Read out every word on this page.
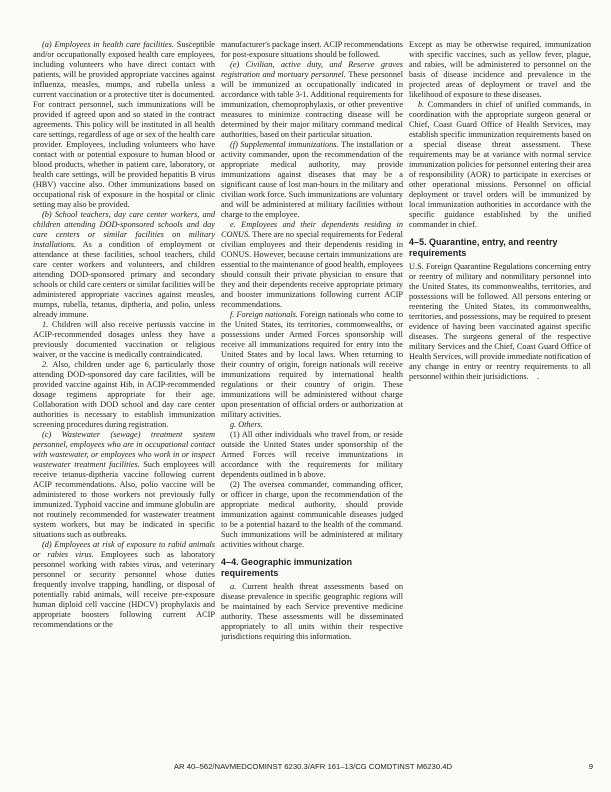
(a) Employees in health care facilities. Susceptible and/or occupationally exposed health care employees, including volunteers who have direct contact with patients, will be provided appropriate vaccines against influenza, measles, mumps, and rubella unless a current vaccination or a protective titer is documented. For contract personnel, such immunizations will be provided if agreed upon and so stated in the contract agreements. This policy will be instituted in all health care settings, regardless of age or sex of the health care provider. Employees, including volunteers who have contact with or potential exposure to human blood or blood products, whether in patient care, laboratory, or health care settings, will be provided hepatitis B virus (HBV) vaccine also. Other immunizations based on occupational risk of exposure in the hospital or clinic setting may also be provided.

(b) School teachers, day care center workers, and children attending DOD-sponsored schools and day care centers or similar facilities on military installations. As a condition of employment or attendance at these facilities, school teachers, child care center workers and volunteers, and children attending DOD-sponsored primary and secondary schools or child care centers or similar facilities will be administered appropriate vaccines against measles, mumps, rubella, tetanus, diptheria, and polio, unless already immune.

1. Children will also receive pertussis vaccine in ACIP-recommended dosages unless they have a previously documented vaccination or religious waiver, or the vaccine is medically contraindicated.

2. Also, children under age 6, particularly those attending DOD-sponsored day care facilities, will be provided vaccine against Hib, in ACIP-recommended dosage regimens appropriate for their age. Collaboration with DOD school and day care center authorities is necessary to establish immunization screening procedures during registration.

(c) Wastewater (sewage) treatment system personnel, employees who are in occupational contact with wastewater, or employees who work in or inspect wastewater treatment facilities. Such employees will receive tetanus-diptheria vaccine following current ACIP recommendations. Also, polio vaccine will be administered to those workers not previously fully immunized. Typhoid vaccine and immune globulin are not routinely recommended for wastewater treatment system workers, but may be indicated in specific situations such as outbreaks.

(d) Employees at risk of exposure to rabid animals or rabies virus. Employees such as laboratory personnel working with rabies virus, and veterinary personnel or security personnel whose duties frequently involve trapping, handling, or disposal of potentially rabid animals, will receive pre-exposure human diploid cell vaccine (HDCV) prophylaxis and appropriate boosters following current ACIP recommendations or the

manufacturer's package insert. ACIP recommendations for post-exposure situations should be followed.

(e) Civilian, active duty, and Reserve graves registration and mortuary personnel. These personnel will be immunized as occupationally indicated in accordance with table 3-1. Additional requirements for immunization, chemoprophylaxis, or other preventive measures to minimize contracting disease will be determined by their major military command medical authorities, based on their particular situation.

(f) Supplemental immunizations. The installation or activity commander, upon the recommendation of the appropriate medical authority, may provide immunizations against diseases that may be a significant cause of lost man-hours in the military and civilian work force. Such immunizations are voluntary and will be administered at military facilities without charge to the employee.

e. Employees and their dependents residing in CONUS. There are no special requirements for Federal civilian employees and their dependents residing in CONUS. However, because certain immunizations are essential to the maintenance of good health, employees should consult their private physician to ensure that they and their dependents receive appropriate primary and booster immunizations following current ACIP recommendations.

f. Foreign nationals. Foreign nationals who come to the United States, its territories, commonwealths, or possessions under Armed Forces sponsorship will receive all immunizations required for entry into the United States and by local laws. When returning to their country of origin, foreign nationals will receive immunizations required by international health regulations or their country of origin. These immunizations will be administered without charge upon presentation of official orders or authorization at military activities.

g. Others.

(1) All other individuals who travel from, or reside outside the United States under sponsorship of the Armed Forces will receive immunizations in accordance with the requirements for military dependents outlined in b above.

(2) The oversea commander, commanding officer, or officer in charge, upon the recommendation of the appropriate medical authority, should provide immunization against communicable diseases judged to be a potential hazard to the health of the command. Such immunizations will be administered at military activities without charge.

4–4. Geographic immunization requirements

a. Current health threat assessments based on disease prevalence in specific geographic regions will be maintained by each Service preventive medicine authority. These assessments will be disseminated appropriately to all units within their respective jurisdictions requiring this information.

Except as may be otherwise required, immunization with specific vaccines, such as yellow fever, plague, and rabies, will be administered to personnel on the basis of disease incidence and prevalence in the projected areas of deployment or travel and the likelihood of exposure to these diseases.

b. Commanders in chief of unified commands, in coordination with the appropriate surgeon general or Chief, Coast Guard Office of Health Services, may establish specific immunization requirements based on a special disease threat assessment. These requirements may be at variance with normal service immunization policies for personnel entering their area of responsibility (AOR) to participate in exercises or other operational missions. Personnel on official deployment or travel orders will be immunized by local immunization authorities in accordance with the specific guidance established by the unified commander in chief.

4–5. Quarantine, entry, and reentry requirements

U.S. Foreign Quarantine Regulations concerning entry or reentry of military and nonmilitary personnel into the United States, its commonwealths, territories, and possessions will be followed. All persons entering or reentering the United States, its commonwealths, territories, and possessions, may be required to present evidence of having been vaccinated against specific diseases. The surgeons general of the respective military Services and the Chief, Coast Guard Office of Health Services, will provide immediate notification of any change in entry or reentry requirements to all personnel within their jurisidictions. .

AR 40–562/NAVMEDCOMINST 6230.3/AFR 161–13/CG COMDTINST M6230.4D	9
